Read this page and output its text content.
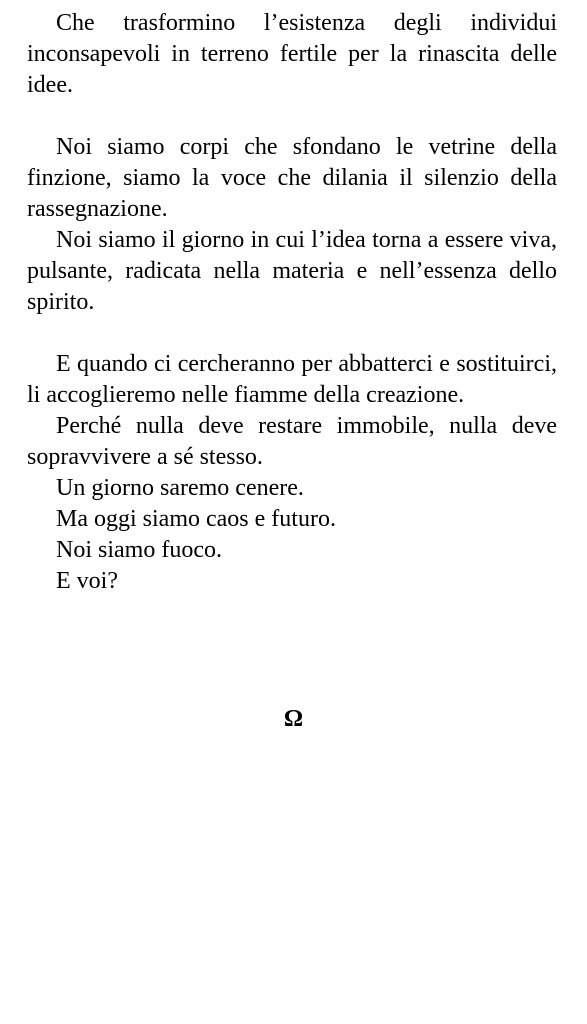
Che trasformino l’esistenza degli individui inconsapevoli in terreno fertile per la rinascita delle idee.

Noi siamo corpi che sfondano le vetrine della finzione, siamo la voce che dilania il silenzio della rassegnazione.

Noi siamo il giorno in cui l’idea torna a essere viva, pulsante, radicata nella materia e nell’essenza dello spirito.

E quando ci cercheranno per abbatterci e sostituirci, li accoglieremo nelle fiamme della creazione.

Perché nulla deve restare immobile, nulla deve sopravvivere a sé stesso.

Un giorno saremo cenere.

Ma oggi siamo caos e futuro.

Noi siamo fuoco.

E voi?

Ω
